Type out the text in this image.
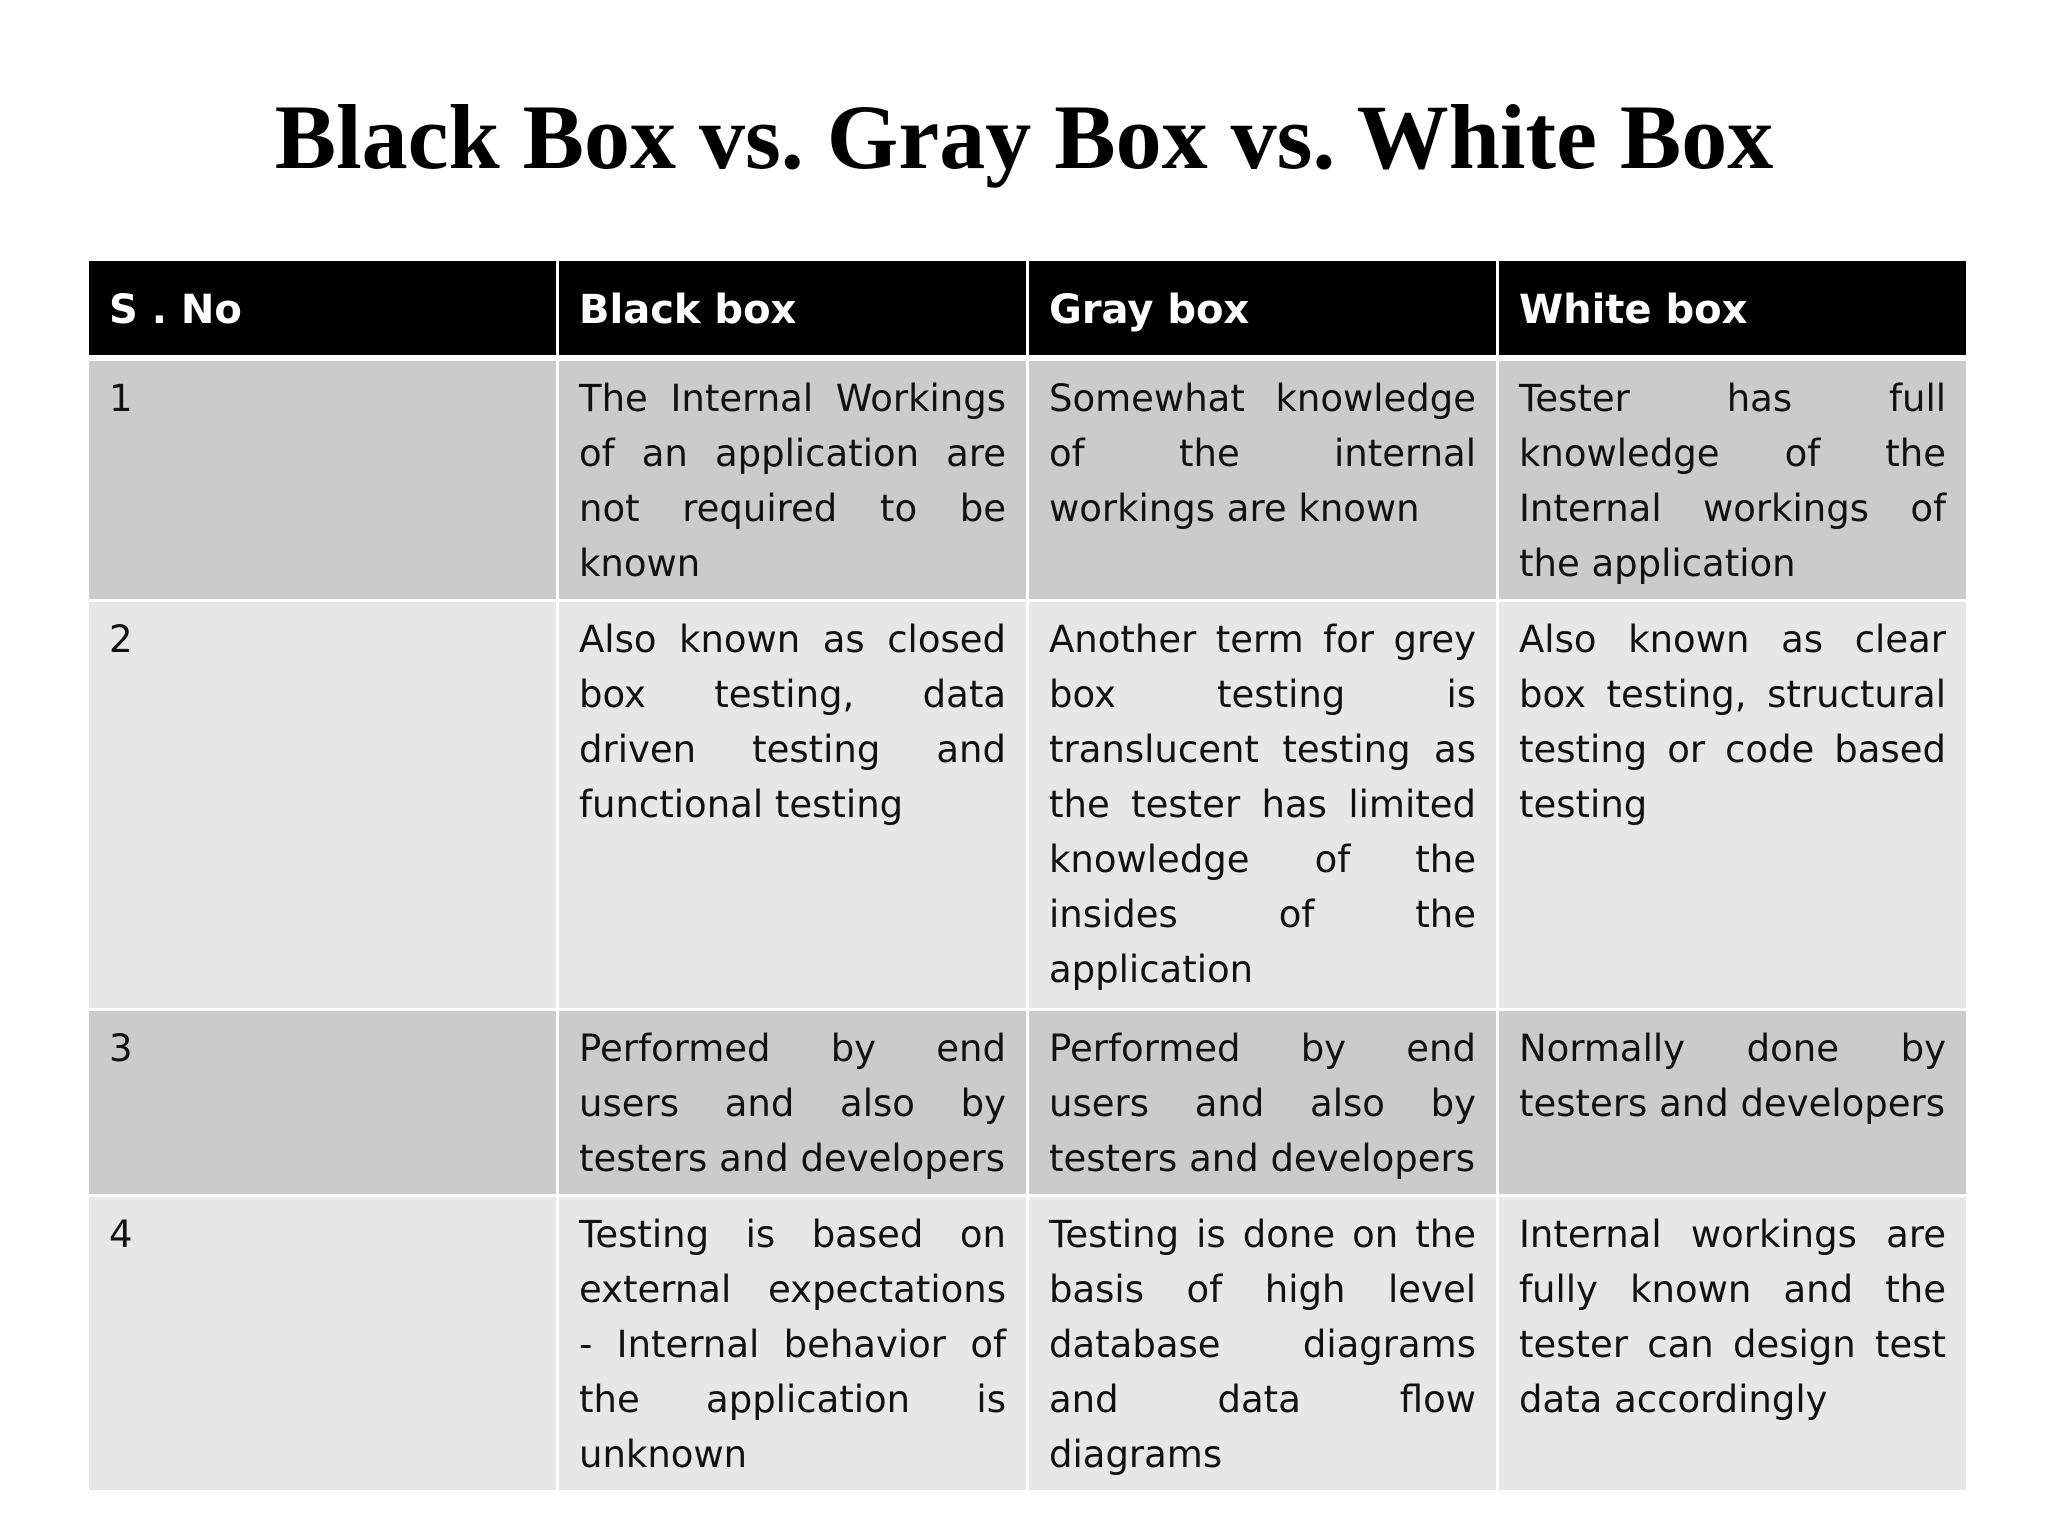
Black Box vs. Gray Box vs. White Box
S . No	Black box	Gray box	White box
1	The Internal Workings of an application are not required to be known	Somewhat knowledge of the internal workings are known	Tester has full knowledge of the Internal workings of the application
2	Also known as closed box testing, data driven testing and functional testing	Another term for grey box testing is translucent testing as the tester has limited knowledge of the insides of the application	Also known as clear box testing, structural testing or code based testing
3	Performed by end users and also by testers and developers	Performed by end users and also by testers and developers	Normally done by testers and developers
4	Testing is based on external expectations - Internal behavior of the application is unknown	Testing is done on the basis of high level database diagrams and data flow diagrams	Internal workings are fully known and the tester can design test data accordingly
